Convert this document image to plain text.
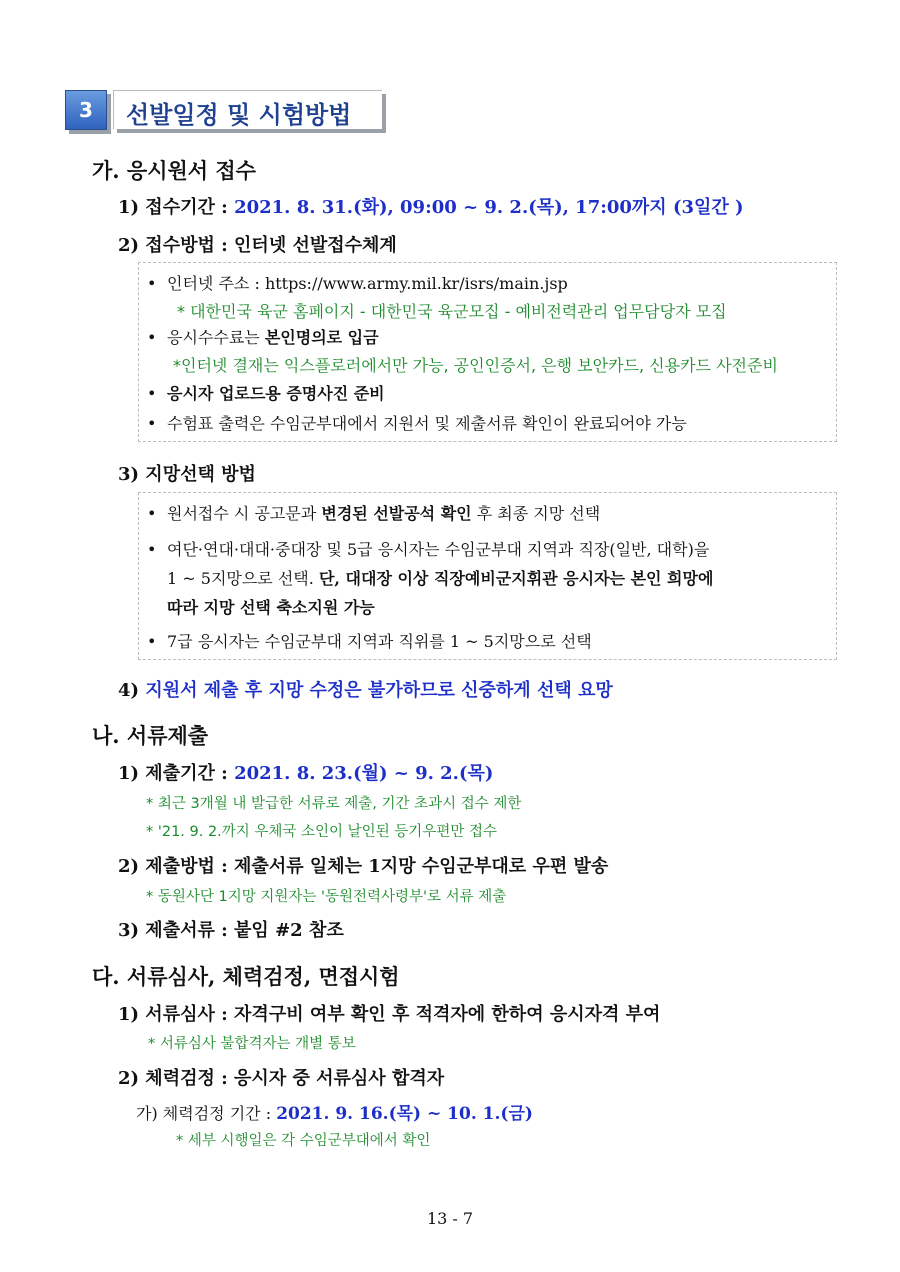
3	선발일정 및 시험방법
가. 응시원서 접수
1) 접수기간 : 2021. 8. 31.(화), 09:00 ~ 9. 2.(목), 17:00까지 (3일간 )
2) 접수방법 : 인터넷 선발접수체계
• 인터넷 주소 : https://www.army.mil.kr/isrs/main.jsp
* 대한민국 육군 홈페이지 - 대한민국 육군모집 - 예비전력관리 업무담당자 모집
• 응시수수료는 본인명의로 입금
*인터넷 결재는 익스플로러에서만 가능, 공인인증서, 은행 보안카드, 신용카드 사전준비
• 응시자 업로드용 증명사진 준비
• 수험표 출력은 수임군부대에서 지원서 및 제출서류 확인이 완료되어야 가능
3) 지망선택 방법
• 원서접수 시 공고문과 변경된 선발공석 확인 후 최종 지망 선택
• 여단·연대·대대·중대장 및 5급 응시자는 수임군부대 지역과 직장(일반, 대학)을
1 ~ 5지망으로 선택. 단, 대대장 이상 직장예비군지휘관 응시자는 본인 희망에
따라 지망 선택 축소지원 가능
• 7급 응시자는 수임군부대 지역과 직위를 1 ~ 5지망으로 선택
4) 지원서 제출 후 지망 수정은 불가하므로 신중하게 선택 요망
나. 서류제출
1) 제출기간 : 2021. 8. 23.(월) ~ 9. 2.(목)
* 최근 3개월 내 발급한 서류로 제출, 기간 초과시 접수 제한
* '21. 9. 2.까지 우체국 소인이 날인된 등기우편만 접수
2) 제출방법 : 제출서류 일체는 1지망 수임군부대로 우편 발송
* 동원사단 1지망 지원자는 '동원전력사령부'로 서류 제출
3) 제출서류 : 붙임 #2 참조
다. 서류심사, 체력검정, 면접시험
1) 서류심사 : 자격구비 여부 확인 후 적격자에 한하여 응시자격 부여
* 서류심사 불합격자는 개별 통보
2) 체력검정 : 응시자 중 서류심사 합격자
가) 체력검정 기간 : 2021. 9. 16.(목) ~ 10. 1.(금)
* 세부 시행일은 각 수임군부대에서 확인
13 - 7
